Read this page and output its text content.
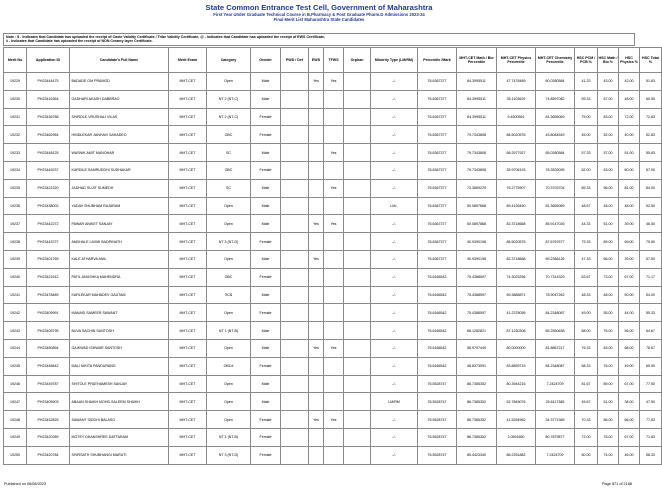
State Common Entrance Test Cell, Government of Maharashtra
First Year Under Graduate Technical Course in B.Pharmacy & Post Graduate Pharm.D Admissions 2023-24
Final Merit List Maharashtra State Candidates
Note : $ - Indicates that Candidate has uploaded the receipt of Caste Validity Certificate / Tribe Validity Certificate, @ - Indicates that Candidate has uploaded the receipt of EWS Certificate,
# - Indicates that Candidate has uploaded the receipt of NON Creamy layer Certificate.
Merit No	Application ID	Candidate's Full Name	Merit Exam	Category	Gender	PWD / Def	EWS	TFWS	Orphan	Minority Type (LM/RM)	Percentile /Mark	MHT-CET Math / Bio Percentile	MHT-CET Physics Percentile	MHT-CET Chemistry Percentile	HSC PCM / PCB %	HSC Math / Bio %	HSC Physics %	HSC Total %
19229	PH23444475	BADADE OM PRAMOD	MHT-CET	Open	Male		Yes	Yes		-/-	76.6367377	84.3995511	47.7478489	60.0280584	41.33	43.00	42.00	51.83
19230	PH23416364	GADHARI AKASH DABBRAO	MHT-CET	NT 2 (NT-C)	Male					-/-	76.6367377	84.3995511	35.1103629	74.8597082	59.33	67.00	48.00	60.50
19231	PH23436788	SHIRDLE VRUSHALI VILAS	MHT-CET	NT 2 (NT-C)	Female					-/-	76.6367377	84.3995511	9.4500561	81.3655069	75.00	83.00	72.00	72.83
19232	PH23462954	HINDLEKAR JANHAVI SAHADEO	MHT-CET	OBC	Female					-/-	76.6367377	79.7343808	86.5020576	43.8084549	45.00	52.00	40.00	52.83
19233	PH23448125	WASNIK AMIT MANOHAR	MHT-CET	SC	Male			Yes		-/-	76.6367377	79.7343808	68.2977927	65.0280584	57.33	57.00	51.00	55.83
19234	PH23449237	KARDILE SAMRUDDHI SUDHAKAR	MHT-CET	OBC	Female					-/-	76.6367377	79.7343808	35.9706193	78.3539095	62.00	63.00	60.00	67.00
19235	PH23421320	JADHAD SUJIT SUMEDH	MHT-CET	SC	Male			Yes		-/-	76.6367377	73.3669229	76.2775907	70.3703704	89.33	96.00	81.00	84.00
19236	PH23438002	YADAV SHUBHAM RAJARAM	MHT-CET	Open	Male					LM/-	76.6367377	50.0897868	89.4126450	81.3655069	48.67	48.00	48.00	52.50
19237	PH23442272	PAWAR ANIKET SANJAY	MHT-CET	Open	Male		Yes	Yes		-/-	76.6367377	50.0897868	82.3718668	85.9147026	44.33	51.00	39.00	46.50
19238	PH23443727	ANDHALE LAXMI BADRINATH	MHT-CET	NT 3 (NT-D)	Female					-/-	76.6367377	40.9390198	86.5020576	87.6767677	79.33	89.00	69.00	75.50
19239	PH23401769	KALE ATHARVA ANIL	MHT-CET	Open	Male		Yes			-/-	76.6367377	40.9390198	82.3718668	89.2368126	47.33	66.00	39.00	57.50
19240	PH23421512	PATIL ANUSHKA MAHENDRA	MHT-CET	OBC	Female					-/-	76.6166542	75.4388597	74.3023256	70.7314329	63.67	73.00	67.00	71.17
19241	PH23478489	KARLEKAR MAHADEV GAUTAM	MHT-CET	SC$	Male					-/-	76.6166542	75.4388597	59.3885871	78.9047262	48.33	48.00	50.00	54.00
19242	PH23409991	MANASI SAMEER SAWANT	MHT-CET	Open	Female					-/-	76.6166542	75.4388597	41.2378095	84.2348087	49.00	55.00	44.00	55.33
19243	PH23405795	BUVA SACHIN SANTOSH	MHT-CET	NT 1 (NT-B)	Male					-/-	76.6166542	68.1282821	87.1230308	65.2550638	68.00	76.00	56.00	64.67
19244	PH23450894	GAIKWAD ISHWAR SANTOSH	MHT-CET	Open	Male		Yes	Yes		-/-	76.6166542	58.9797449	80.0000000	81.8867217	76.33	83.00	68.00	76.67
19245	PH23448642	MALI NIKITA PANDURANG	MHT-CET	OBC#	Female					-/-	76.6166542	48.8373091	83.8859715	84.2348087	58.33	76.00	49.00	65.50
19246	PH23449787	SHITOLE PRATHAMESH SANJAY	MHT-CET	Open	Male					-/-	76.5528747	86.7385352	80.3944216	7.2424709	81.67	89.00	67.00	77.50
19247	PH23405903	ABAAN SHAIKH MOHD.SALEEM SHAIKH	MHT-CET	Open	Male					LM/RM	76.5528747	86.7385352	52.7849076	25.6117385	45.67	51.00	38.00	47.50
19248	PH23432825	SAWANT SIDDHI BALASO	MHT-CET	Open	Female		Yes	Yes		-/-	76.5528747	86.7385352	41.5254962	34.3771389	70.33	86.00	66.00	77.83
19249	PH23420289	MOTEY DHANSHREE DATTARAM	MHT-CET	NT 1 (NT-B)	Female					-/-	76.5528747	86.7385352	2.0591650	80.7879877	72.00	78.00	67.00	71.83
19250	PH23420784	SHIRSATH SHUBHANGI MARUTI	MHT-CET	NT 3 (NT-D)	Female					-/-	76.5528747	85.4423340	86.2251882	7.2424709	60.00	74.00	46.00	58.33
Published on 08/08/2023	Page 871 of 2188
